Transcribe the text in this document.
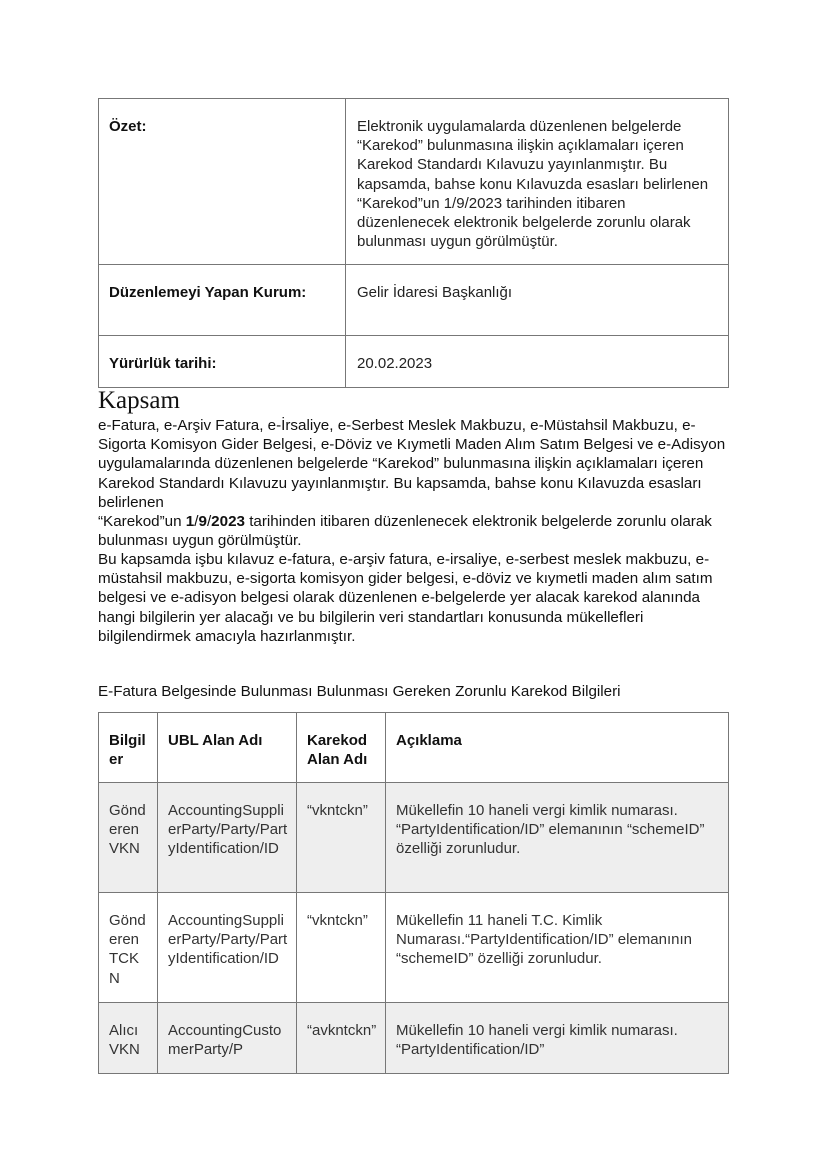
Özet:	Elektronik uygulamalarda düzenlenen belgelerde “Karekod” bulunmasına ilişkin açıklamaları içeren Karekod Standardı Kılavuzu yayınlanmıştır. Bu kapsamda, bahse konu Kılavuzda esasları belirlenen “Karekod”un 1/9/2023 tarihinden itibaren düzenlenecek elektronik belgelerde zorunlu olarak bulunması uygun görülmüştür.
Düzenlemeyi Yapan Kurum:	Gelir İdaresi Başkanlığı
Yürürlük tarihi:	20.02.2023
Kapsam

e-Fatura, e-Arşiv Fatura, e-İrsaliye, e-Serbest Meslek Makbuzu, e-Müstahsil Makbuzu, e-Sigorta Komisyon Gider Belgesi, e-Döviz ve Kıymetli Maden Alım Satım Belgesi ve e-Adisyon uygulamalarında düzenlenen belgelerde “Karekod” bulunmasına ilişkin açıklamaları içeren Karekod Standardı Kılavuzu yayınlanmıştır. Bu kapsamda, bahse konu Kılavuzda esasları belirlenen
“Karekod”un 1/9/2023 tarihinden itibaren düzenlenecek elektronik belgelerde zorunlu olarak bulunması uygun görülmüştür.

Bu kapsamda işbu kılavuz e-fatura, e-arşiv fatura, e-irsaliye, e-serbest meslek makbuzu, e-müstahsil makbuzu, e-sigorta komisyon gider belgesi, e-döviz ve kıymetli maden alım satım belgesi ve e-adisyon belgesi olarak düzenlenen e-belgelerde yer alacak karekod alanında hangi bilgilerin yer alacağı ve bu bilgilerin veri standartları konusunda mükellefleri bilgilendirmek amacıyla hazırlanmıştır.

E-Fatura Belgesinde Bulunması Bulunması Gereken Zorunlu Karekod Bilgileri

Bilgiler	UBL Alan Adı	Karekod Alan Adı	Açıklama
Gönderen VKN	AccountingSupplierParty/Party/PartyIdentification/ID	“vkntckn”	Mükellefin 10 haneli vergi kimlik numarası. “PartyIdentification/ID” elemanının “schemeID” özelliği zorunludur.
Gönderen TCKN	AccountingSupplierParty/Party/PartyIdentification/ID	“vkntckn”	Mükellefin 11 haneli T.C. Kimlik Numarası.“PartyIdentification/ID” elemanının “schemeID” özelliği zorunludur.
Alıcı VKN	AccountingCustomerParty/P	“avkntckn”	Mükellefin 10 haneli vergi kimlik numarası. “PartyIdentification/ID”
